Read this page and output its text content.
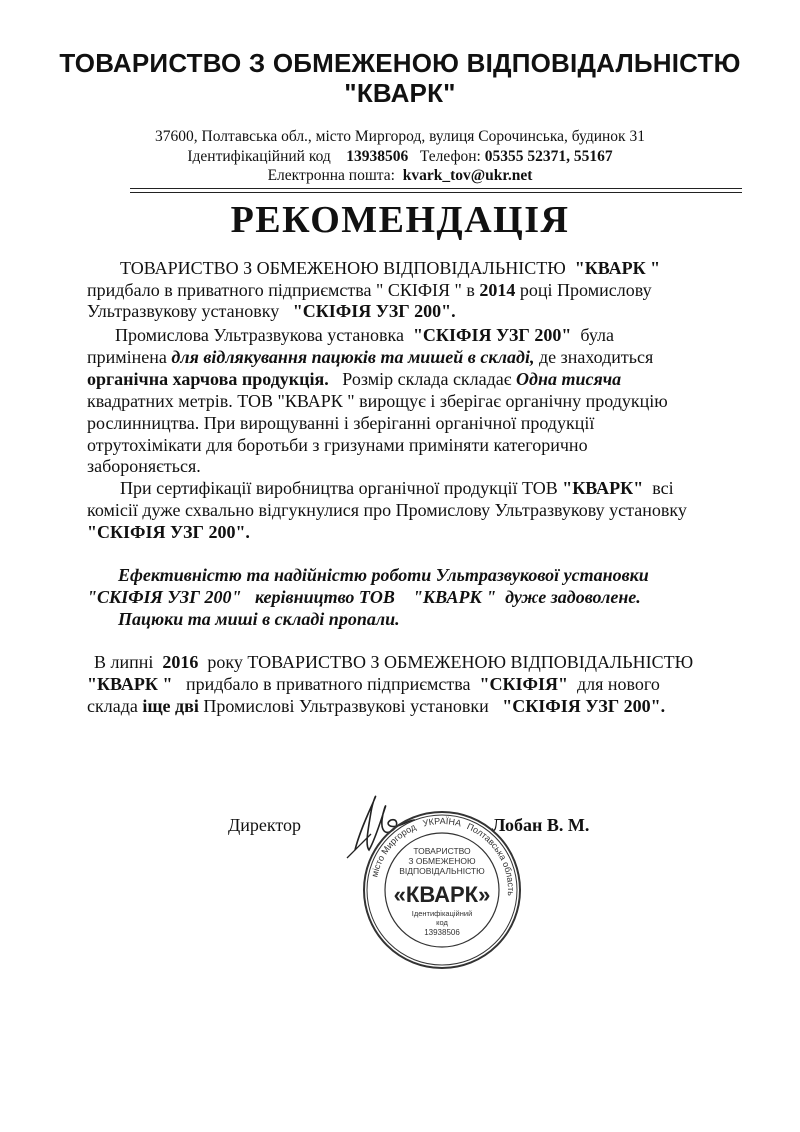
ТОВАРИСТВО З ОБМЕЖЕНОЮ ВІДПОВІДАЛЬНІСТЮ
"КВАРК"
37600, Полтавська обл., місто Миргород, вулиця Сорочинська, будинок 31
Ідентифікаційний код 13938506 Телефон: 05355 52371, 55167
Електронна пошта: kvark_tov@ukr.net
РЕКОМЕНДАЦІЯ
ТОВАРИСТВО З ОБМЕЖЕНОЮ ВІДПОВІДАЛЬНІСТЮ "КВАРК "
придбало в приватного підприємства " СКІФІЯ " в 2014 році Промислову
Ультразвукову установку "СКІФІЯ УЗГ 200".
Промислова Ультразвукова установка "СКІФІЯ УЗГ 200" була
примінена для відлякування пацюків та мишей в складі, де знаходиться
органічна харчова продукція. Розмір склада складає Одна тисяча
квадратних метрів. ТОВ "КВАРК " вирощує і зберігає органічну продукцію
рослинництва. При вирощуванні і зберіганні органічної продукції
отрутохімікати для боротьби з гризунами приміняти категорично
забороняється.
При сертифікації виробництва органічної продукції ТОВ "КВАРК" всі
комісії дуже схвально відгукнулися про Промислову Ультразвукову установку
"СКІФІЯ УЗГ 200".
Ефективністю та надійністю роботи Ультразвукової установки
"СКІФІЯ УЗГ 200" керівництво ТОВ "КВАРК " дуже задоволене.
Пацюки та миші в складі пропали.
В липні 2016 року ТОВАРИСТВО З ОБМЕЖЕНОЮ ВІДПОВІДАЛЬНІСТЮ
"КВАРК " придбало в приватного підприємства "СКІФІЯ" для нового
склада іще дві Промислові Ультразвукові установки "СКІФІЯ УЗГ 200".
Директор	Лобан В. М.
УКРАЇНА
місто Миргород	Полтавська область
ТОВАРИСТВО
З ОБМЕЖЕНОЮ
ВІДПОВІДАЛЬНІСТЮ
«КВАРК»
Ідентифікаційний
код
13938506
